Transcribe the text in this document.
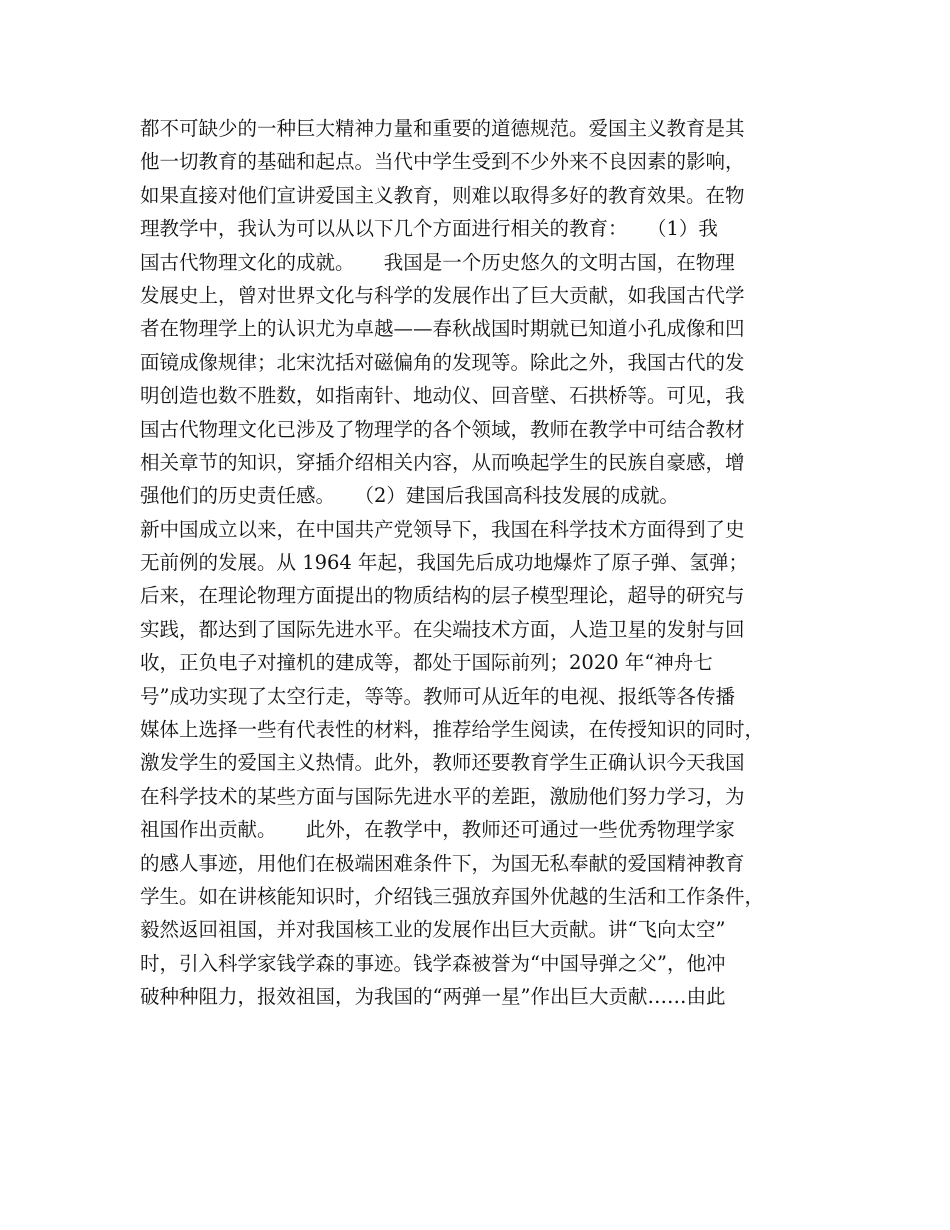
都不可缺少的一种巨大精神力量和重要的道德规范。爱国主义教育是其
他一切教育的基础和起点。当代中学生受到不少外来不良因素的影响，
如果直接对他们宣讲爱国主义教育，则难以取得多好的教育效果。在物
理教学中，我认为可以从以下几个方面进行相关的教育：　　（1）我
国古代物理文化的成就。　　我国是一个历史悠久的文明古国，在物理
发展史上，曾对世界文化与科学的发展作出了巨大贡献，如我国古代学
者在物理学上的认识尤为卓越——春秋战国时期就已知道小孔成像和凹
面镜成像规律；北宋沈括对磁偏角的发现等。除此之外，我国古代的发
明创造也数不胜数，如指南针、地动仪、回音壁、石拱桥等。可见，我
国古代物理文化已涉及了物理学的各个领域，教师在教学中可结合教材
相关章节的知识，穿插介绍相关内容，从而唤起学生的民族自豪感，增
强他们的历史责任感。　　（2）建国后我国高科技发展的成就。
新中国成立以来，在中国共产党领导下，我国在科学技术方面得到了史
无前例的发展。从 1964 年起，我国先后成功地爆炸了原子弹、氢弹；
后来，在理论物理方面提出的物质结构的层子模型理论，超导的研究与
实践，都达到了国际先进水平。在尖端技术方面，人造卫星的发射与回
收，正负电子对撞机的建成等，都处于国际前列；2020 年“神舟七
号”成功实现了太空行走，等等。教师可从近年的电视、报纸等各传播
媒体上选择一些有代表性的材料，推荐给学生阅读，在传授知识的同时，
激发学生的爱国主义热情。此外，教师还要教育学生正确认识今天我国
在科学技术的某些方面与国际先进水平的差距，激励他们努力学习，为
祖国作出贡献。　　此外，在教学中，教师还可通过一些优秀物理学家
的感人事迹，用他们在极端困难条件下，为国无私奉献的爱国精神教育
学生。如在讲核能知识时，介绍钱三强放弃国外优越的生活和工作条件，
毅然返回祖国，并对我国核工业的发展作出巨大贡献。讲“飞向太空”
时，引入科学家钱学森的事迹。钱学森被誉为“中国导弹之父”，他冲
破种种阻力，报效祖国，为我国的“两弹一星”作出巨大贡献……由此
